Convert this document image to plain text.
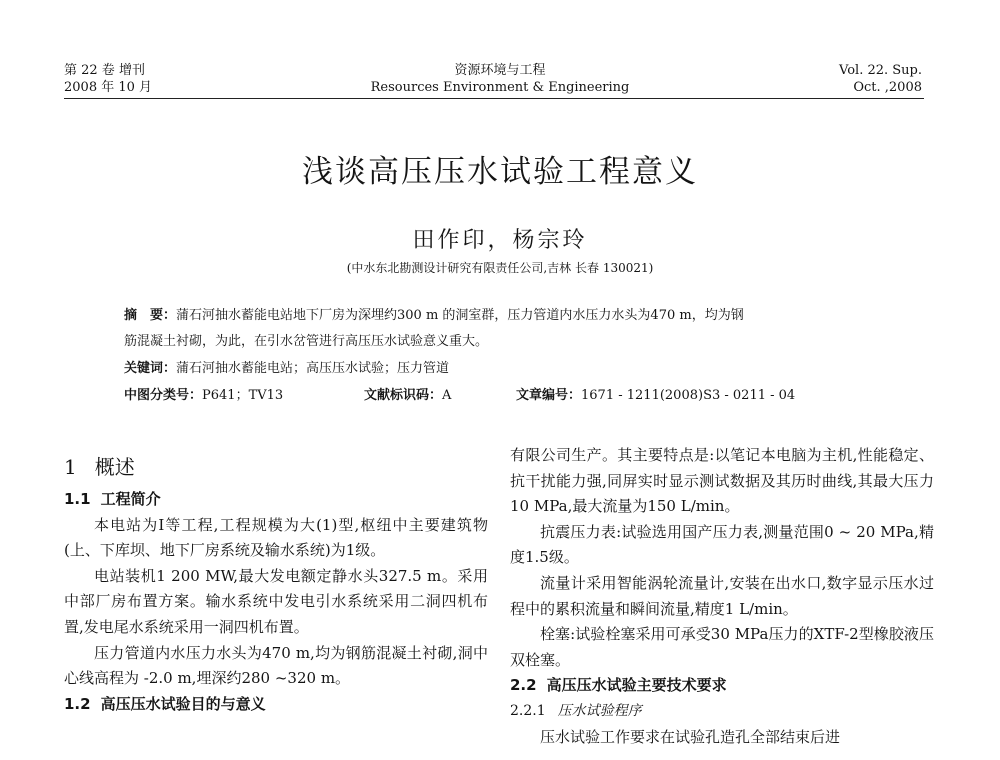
第 22 卷 增刊
2008 年 10 月
资源环境与工程
Resources Environment & Engineering
Vol. 22. Sup.
Oct. ,2008
浅谈高压压水试验工程意义
田作印，杨宗玲
(中水东北勘测设计研究有限责任公司,吉林 长春 130021)
摘　要：蒲石河抽水蓄能电站地下厂房为深埋约300 m 的洞室群，压力管道内水压力水头为470 m，均为钢
筋混凝土衬砌，为此，在引水岔管进行高压压水试验意义重大。
关键词：蒲石河抽水蓄能电站；高压压水试验；压力管道
中图分类号：P641；TV13	文献标识码：A	文章编号：1671 - 1211(2008)S3 - 0211 - 04
1 概述
1.1 工程简介

本电站为Ⅰ等工程,工程规模为大(1)型,枢纽中主要建筑物(上、下库坝、地下厂房系统及输水系统)为1级。

电站装机1 200 MW,最大发电额定静水头327.5 m。采用中部厂房布置方案。输水系统中发电引水系统采用二洞四机布置,发电尾水系统采用一洞四机布置。

压力管道内水压力水头为470 m,均为钢筋混凝土衬砌,洞中心线高程为 -2.0 m,埋深约280 ~320 m。

1.2 高压压水试验目的与意义

有限公司生产。其主要特点是:以笔记本电脑为主机,性能稳定、抗干扰能力强,同屏实时显示测试数据及其历时曲线,其最大压力10 MPa,最大流量为150 L/min。

抗震压力表:试验选用国产压力表,测量范围0 ~ 20 MPa,精度1.5级。

流量计采用智能涡轮流量计,安装在出水口,数字显示压水过程中的累积流量和瞬间流量,精度1 L/min。

栓塞:试验栓塞采用可承受30 MPa压力的XTF-2型橡胶液压双栓塞。

2.2 高压压水试验主要技术要求
2.2.1 压水试验程序

压水试验工作要求在试验孔造孔全部结束后进
